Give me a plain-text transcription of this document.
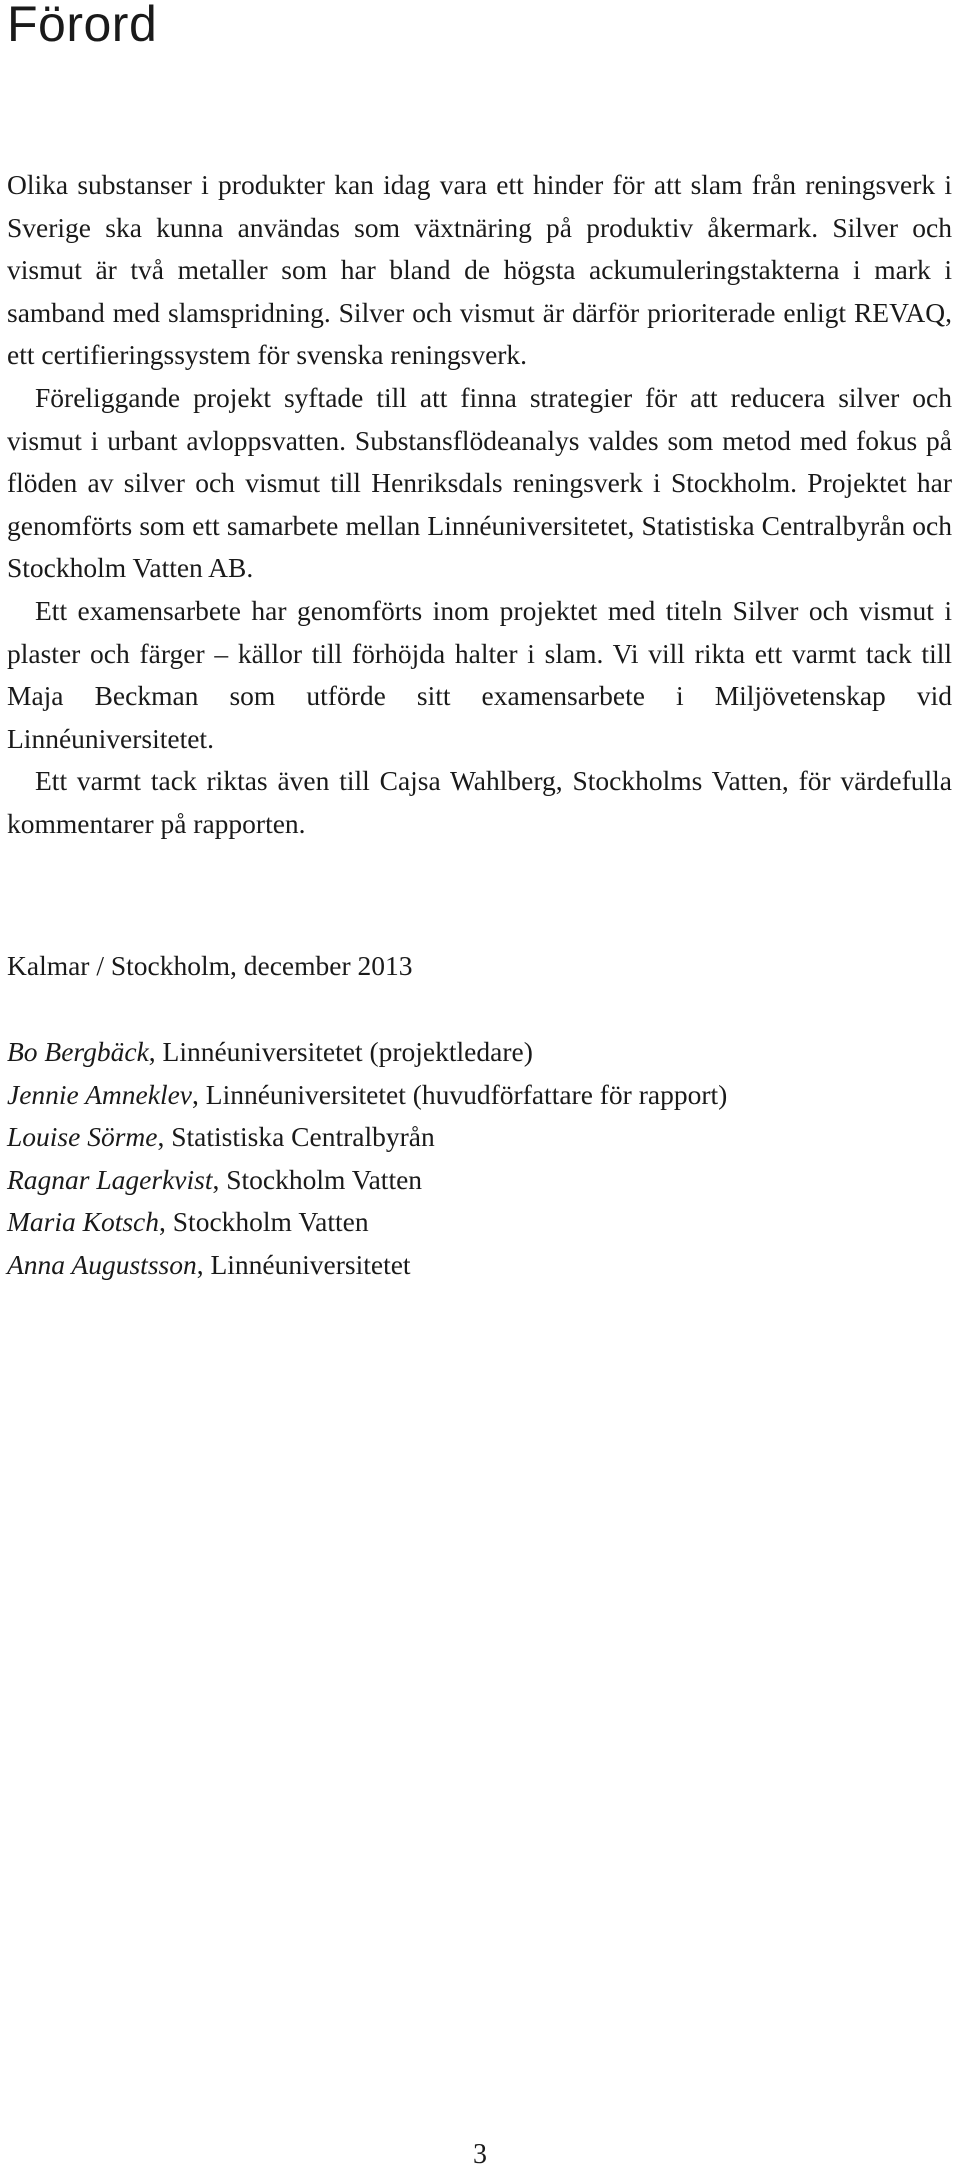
Förord

Olika substanser i produkter kan idag vara ett hinder för att slam från reningsverk i Sverige ska kunna användas som växtnäring på produktiv åkermark. Silver och vismut är två metaller som har bland de högsta ackumuleringstakterna i mark i samband med slamspridning. Silver och vismut är därför prioriterade enligt REVAQ, ett certifieringssystem för svenska reningsverk.

Föreliggande projekt syftade till att finna strategier för att reducera silver och vismut i urbant avloppsvatten. Substansflödeanalys valdes som metod med fokus på flöden av silver och vismut till Henriksdals reningsverk i Stockholm. Projektet har genomförts som ett samarbete mellan Linnéuniversitetet, Statistiska Centralbyrån och Stockholm Vatten AB.

Ett examensarbete har genomförts inom projektet med titeln Silver och vismut i plaster och färger – källor till förhöjda halter i slam. Vi vill rikta ett varmt tack till Maja Beckman som utförde sitt examensarbete i Miljövetenskap vid Linnéuniversitetet.

Ett varmt tack riktas även till Cajsa Wahlberg, Stockholms Vatten, för värdefulla kommentarer på rapporten.

Kalmar / Stockholm, december 2013

Bo Bergbäck, Linnéuniversitetet (projektledare)
Jennie Amneklev, Linnéuniversitetet (huvudförfattare för rapport)
Louise Sörme, Statistiska Centralbyrån
Ragnar Lagerkvist, Stockholm Vatten
Maria Kotsch, Stockholm Vatten
Anna Augustsson, Linnéuniversitetet
3
